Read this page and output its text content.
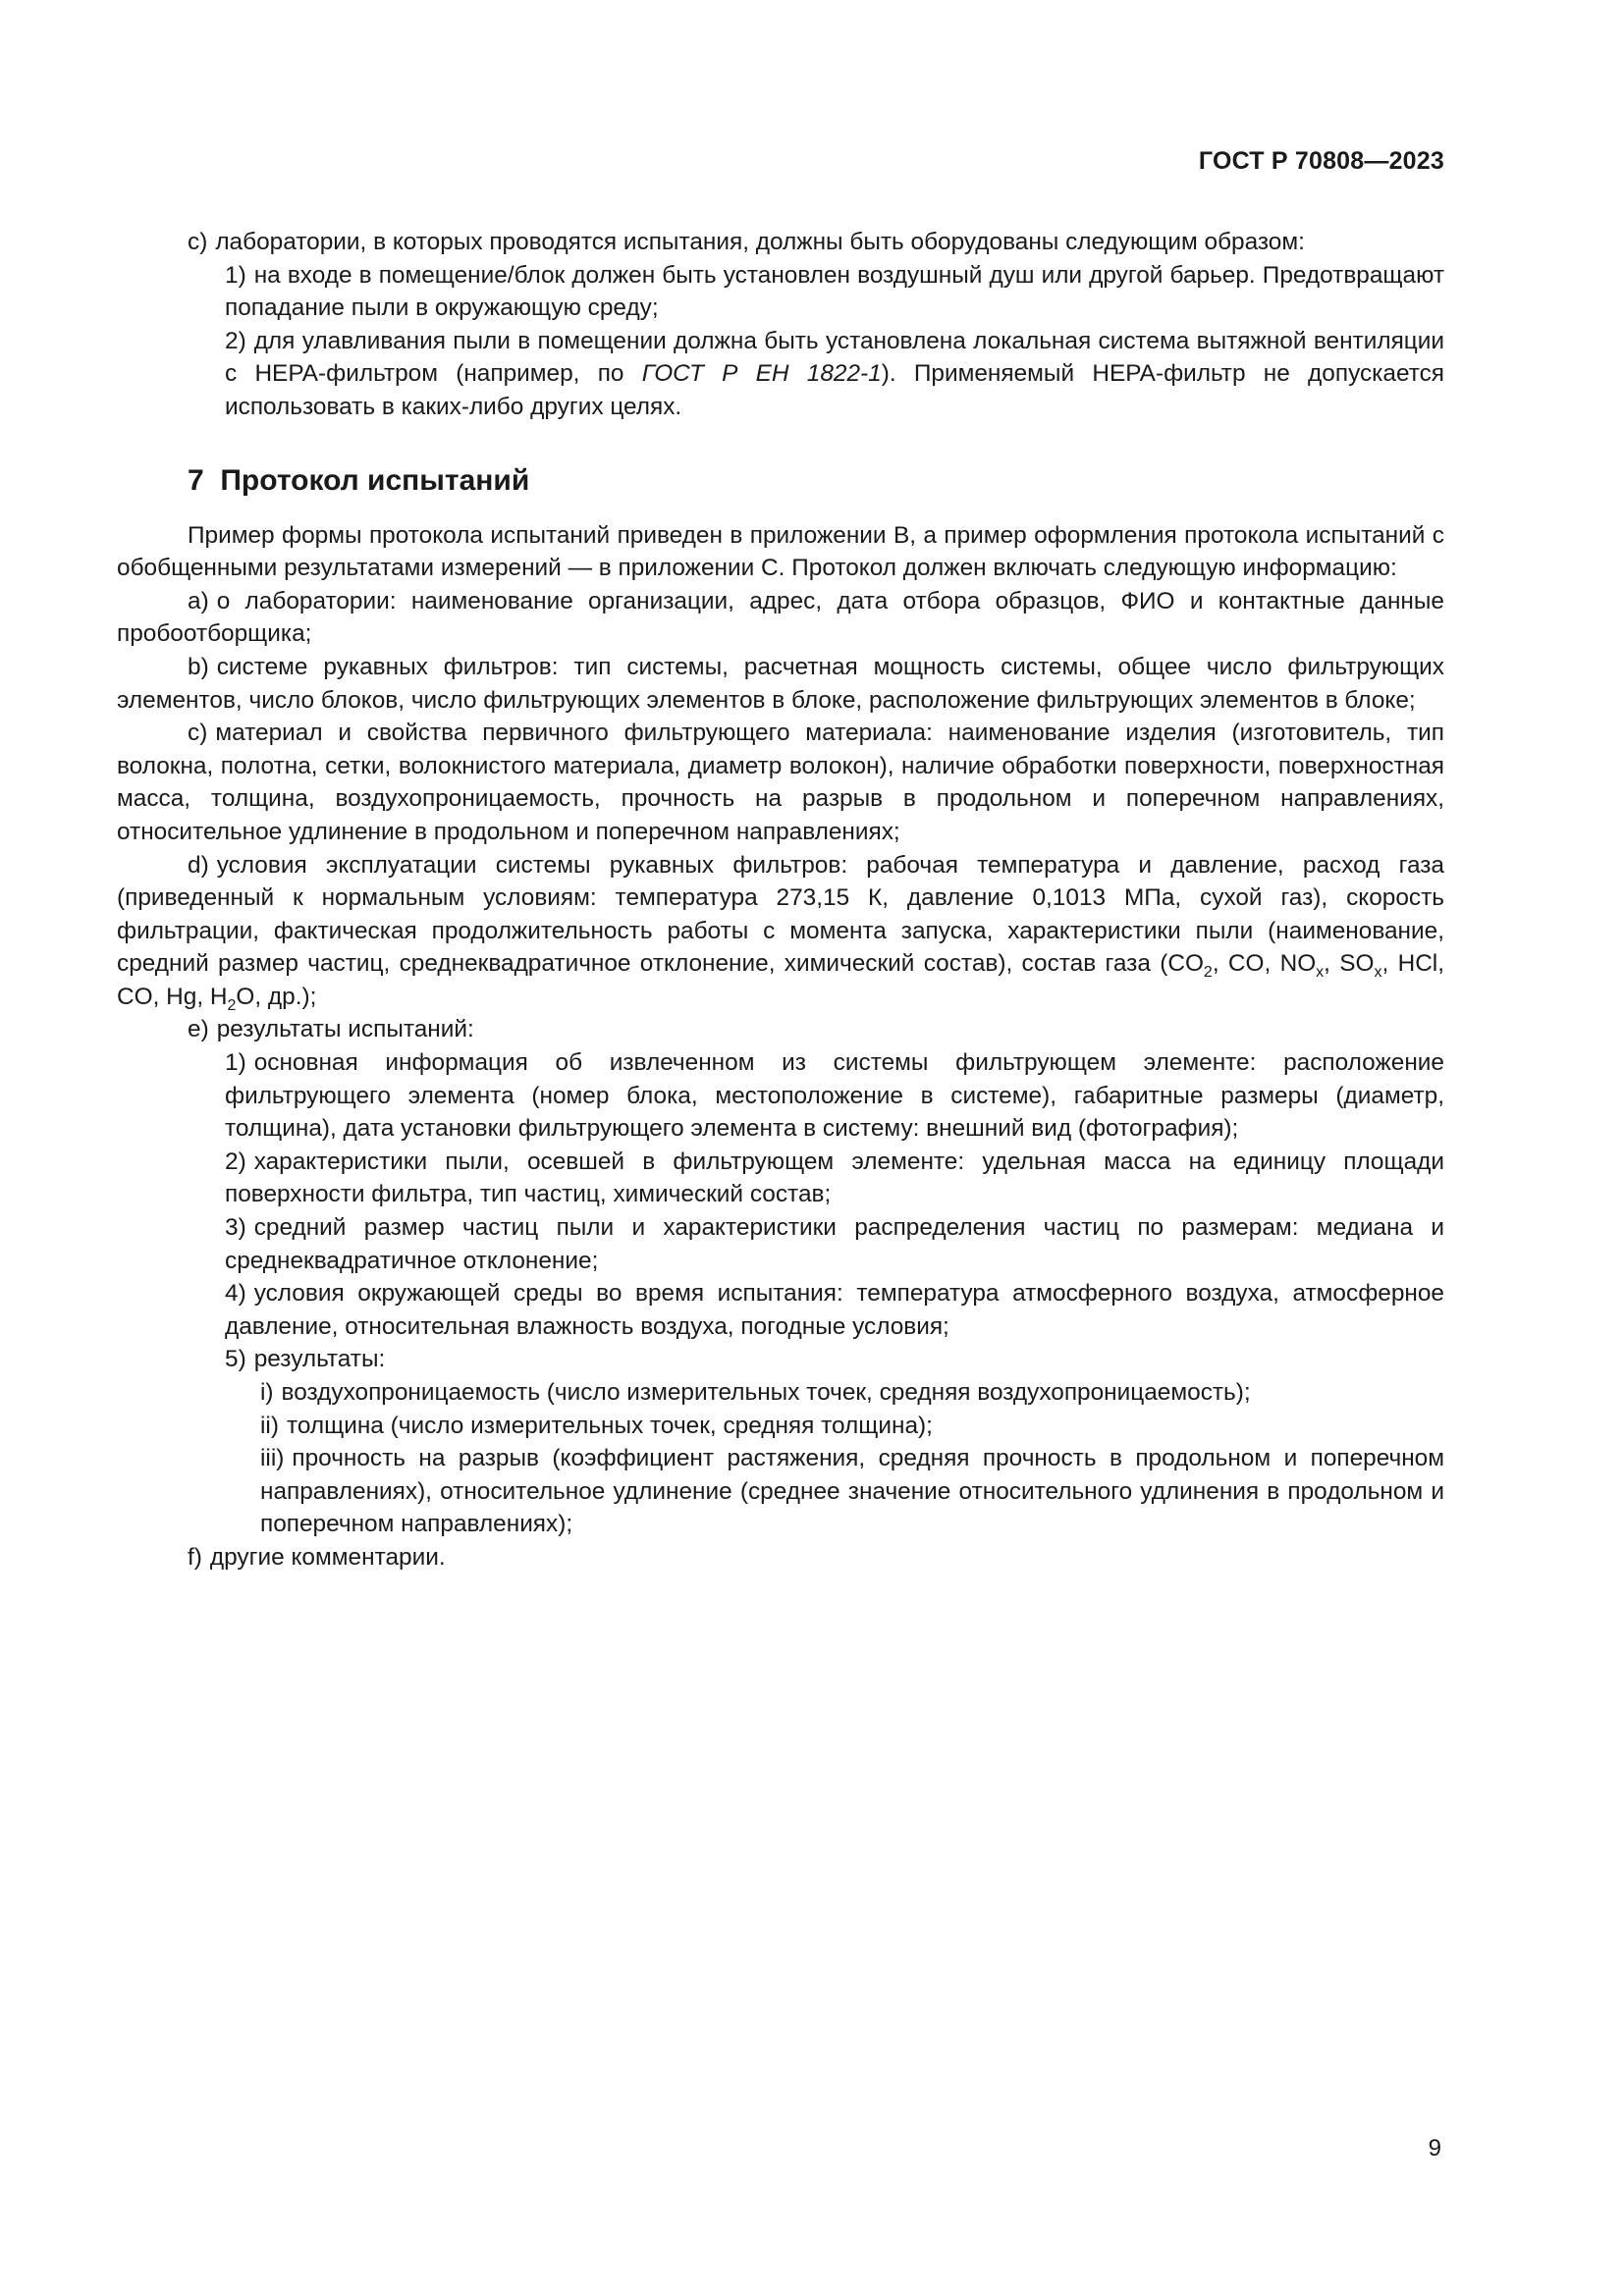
ГОСТ Р 70808—2023

c) лаборатории, в которых проводятся испытания, должны быть оборудованы следующим образом:

1) на входе в помещение/блок должен быть установлен воздушный душ или другой барьер. Предотвращают попадание пыли в окружающую среду;

2) для улавливания пыли в помещении должна быть установлена локальная система вытяжной вентиляции с HEPA-фильтром (например, по ГОСТ Р ЕН 1822-1). Применяемый HEPA-фильтр не допускается использовать в каких-либо других целях.

7 Протокол испытаний

Пример формы протокола испытаний приведен в приложении В, а пример оформления протокола испытаний с обобщенными результатами измерений — в приложении С. Протокол должен включать следующую информацию:

а) о лаборатории: наименование организации, адрес, дата отбора образцов, ФИО и контактные данные пробоотборщика;

b) системе рукавных фильтров: тип системы, расчетная мощность системы, общее число фильтрующих элементов, число блоков, число фильтрующих элементов в блоке, расположение фильтрующих элементов в блоке;

с) материал и свойства первичного фильтрующего материала: наименование изделия (изготовитель, тип волокна, полотна, сетки, волокнистого материала, диаметр волокон), наличие обработки поверхности, поверхностная масса, толщина, воздухопроницаемость, прочность на разрыв в продольном и поперечном направлениях, относительное удлинение в продольном и поперечном направлениях;

d) условия эксплуатации системы рукавных фильтров: рабочая температура и давление, расход газа (приведенный к нормальным условиям: температура 273,15 К, давление 0,1013 МПа, сухой газ), скорость фильтрации, фактическая продолжительность работы с момента запуска, характеристики пыли (наименование, средний размер частиц, среднеквадратичное отклонение, химический состав), состав газа ($CO_2$, CO, $NO_x$, $SO_x$, HCl, CO, Hg, $H_2O$, др.);

е) результаты испытаний:

1) основная информация об извлеченном из системы фильтрующем элементе: расположение фильтрующего элемента (номер блока, местоположение в системе), габаритные размеры (диаметр, толщина), дата установки фильтрующего элемента в систему: внешний вид (фотография);

2) характеристики пыли, осевшей в фильтрующем элементе: удельная масса на единицу площади поверхности фильтра, тип частиц, химический состав;

3) средний размер частиц пыли и характеристики распределения частиц по размерам: медиана и среднеквадратичное отклонение;

4) условия окружающей среды во время испытания: температура атмосферного воздуха, атмосферное давление, относительная влажность воздуха, погодные условия;

5) результаты:

i) воздухопроницаемость (число измерительных точек, средняя воздухопроницаемость);

ii) толщина (число измерительных точек, средняя толщина);

iii) прочность на разрыв (коэффициент растяжения, средняя прочность в продольном и поперечном направлениях), относительное удлинение (среднее значение относительного удлинения в продольном и поперечном направлениях);

f) другие комментарии.

9
